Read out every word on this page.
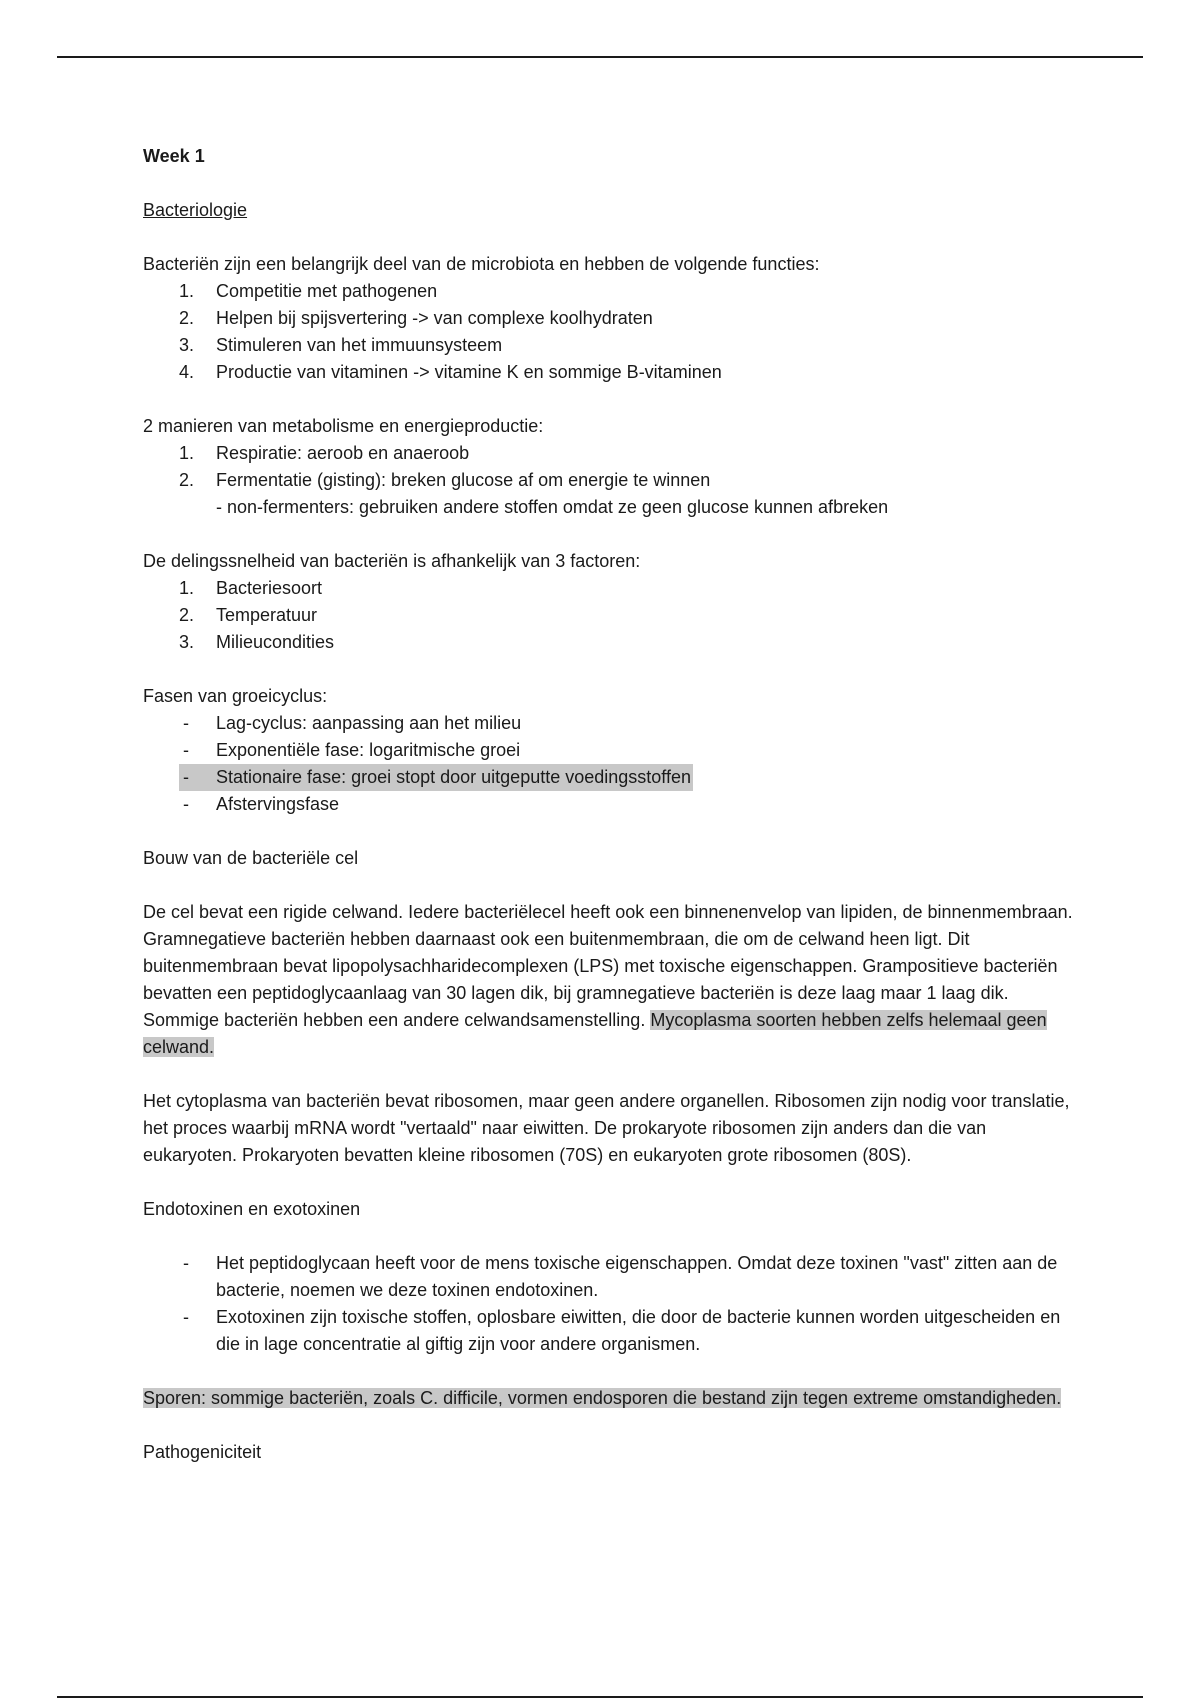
Week 1

Bacteriologie

Bacteriën zijn een belangrijk deel van de microbiota en hebben de volgende functies:

1. Competitie met pathogenen
2. Helpen bij spijsvertering -> van complexe koolhydraten
3. Stimuleren van het immuunsysteem
4. Productie van vitaminen -> vitamine K en sommige B-vitaminen

2 manieren van metabolisme en energieproductie:

1. Respiratie: aeroob en anaeroob
2. Fermentatie (gisting): breken glucose af om energie te winnen

- non-fermenters: gebruiken andere stoffen omdat ze geen glucose kunnen afbreken

De delingssnelheid van bacteriën is afhankelijk van 3 factoren:

1. Bacteriesoort
2. Temperatuur
3. Milieucondities

Fasen van groeicyclus:

- Lag-cyclus: aanpassing aan het milieu
- Exponentiële fase: logaritmische groei
- Stationaire fase: groei stopt door uitgeputte voedingsstoffen
- Afstervingsfase

Bouw van de bacteriële cel

De cel bevat een rigide celwand. Iedere bacteriëlecel heeft ook een binnenenvelop van lipiden, de binnenmembraan. Gramnegatieve bacteriën hebben daarnaast ook een buitenmembraan, die om de celwand heen ligt. Dit buitenmembraan bevat lipopolysachharidecomplexen (LPS) met toxische eigenschappen. Grampositieve bacteriën bevatten een peptidoglycaanlaag van 30 lagen dik, bij gramnegatieve bacteriën is deze laag maar 1 laag dik. Sommige bacteriën hebben een andere celwandsamenstelling. Mycoplasma soorten hebben zelfs helemaal geen celwand.

Het cytoplasma van bacteriën bevat ribosomen, maar geen andere organellen. Ribosomen zijn nodig voor translatie, het proces waarbij mRNA wordt "vertaald" naar eiwitten. De prokaryote ribosomen zijn anders dan die van eukaryoten. Prokaryoten bevatten kleine ribosomen (70S) en eukaryoten grote ribosomen (80S).

Endotoxinen en exotoxinen

- Het peptidoglycaan heeft voor de mens toxische eigenschappen. Omdat deze toxinen "vast" zitten aan de bacterie, noemen we deze toxinen endotoxinen.
- Exotoxinen zijn toxische stoffen, oplosbare eiwitten, die door de bacterie kunnen worden uitgescheiden en die in lage concentratie al giftig zijn voor andere organismen.

Sporen: sommige bacteriën, zoals C. difficile, vormen endosporen die bestand zijn tegen extreme omstandigheden.

Pathogeniciteit
